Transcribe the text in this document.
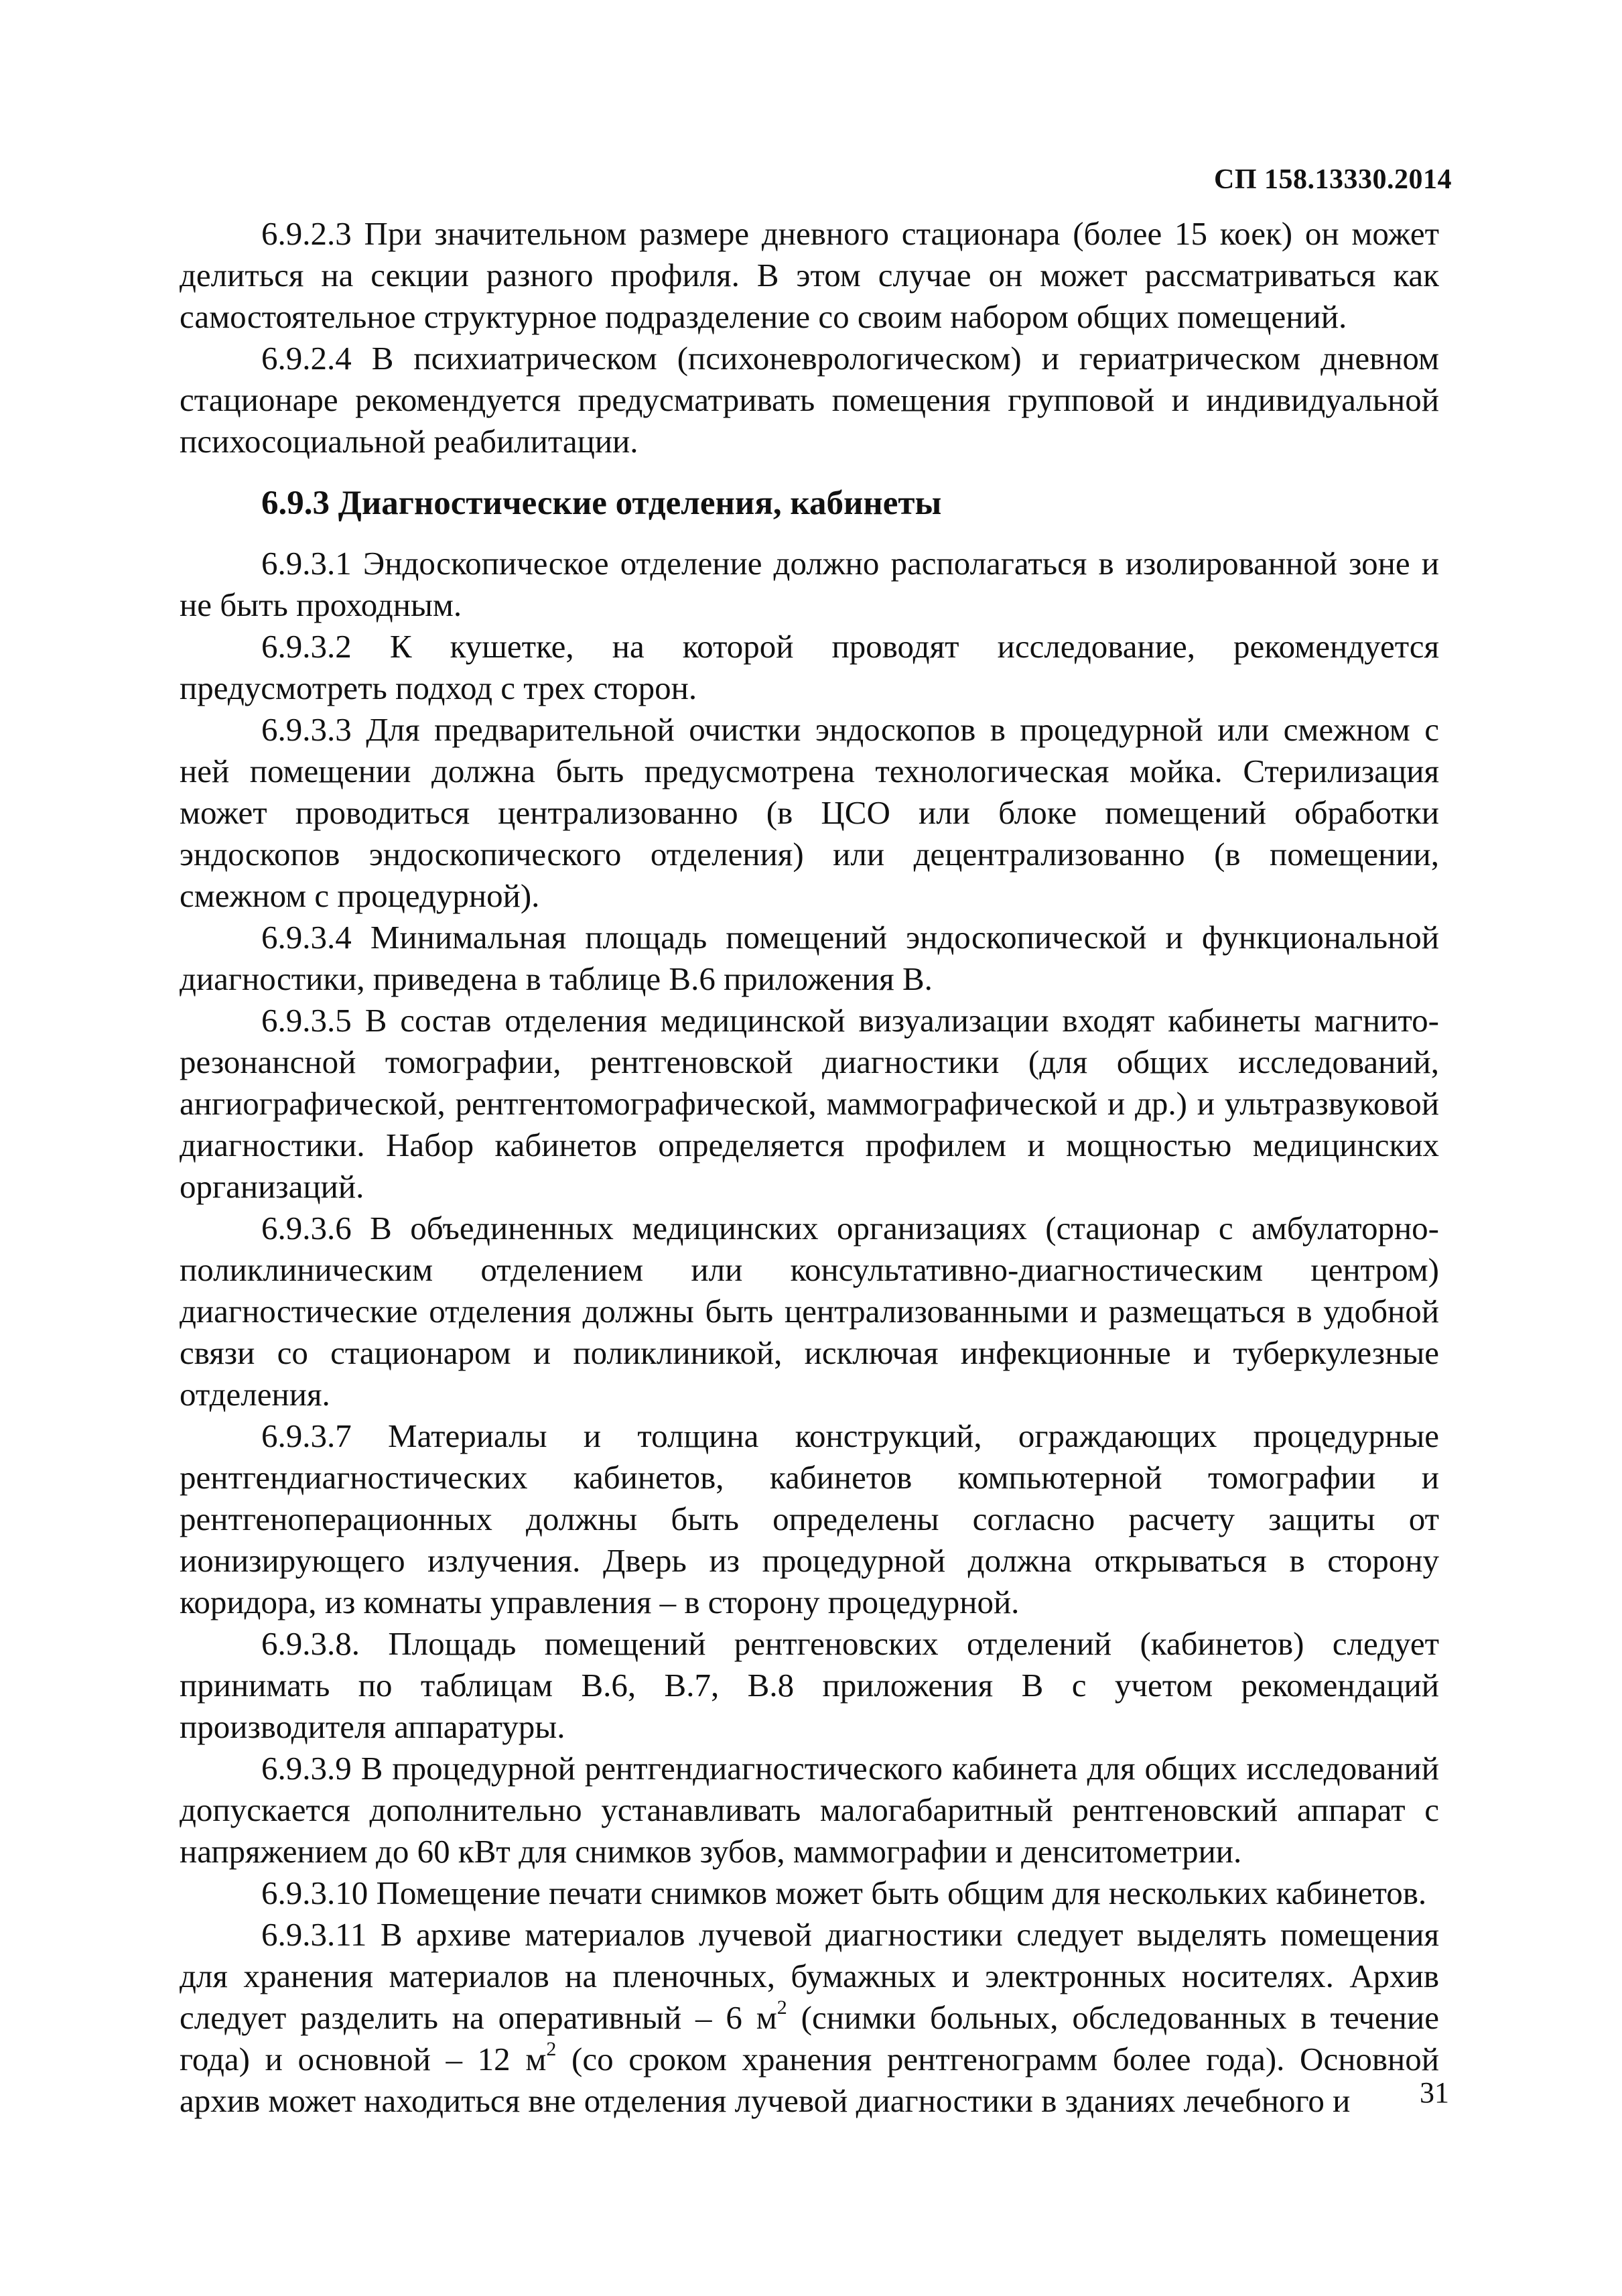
СП 158.13330.2014

6.9.2.3 При значительном размере дневного стационара (более 15 коек) он может делиться на секции разного профиля. В этом случае он может рассматриваться как самостоятельное структурное подразделение со своим набором общих помещений.

6.9.2.4 В психиатрическом (психоневрологическом) и гериатрическом дневном стационаре рекомендуется предусматривать помещения групповой и индивидуальной психосоциальной реабилитации.

6.9.3 Диагностические отделения, кабинеты

6.9.3.1 Эндоскопическое отделение должно располагаться в изолированной зоне и не быть проходным.

6.9.3.2 К кушетке, на которой проводят исследование, рекомендуется предусмотреть подход с трех сторон.

6.9.3.3 Для предварительной очистки эндоскопов в процедурной или смежном с ней помещении должна быть предусмотрена технологическая мойка. Стерилизация может проводиться централизованно (в ЦСО или блоке помещений обработки эндоскопов эндоскопического отделения) или децентрализованно (в помещении, смежном с процедурной).

6.9.3.4 Минимальная площадь помещений эндоскопической и функциональной диагностики, приведена в таблице В.6 приложения В.

6.9.3.5 В состав отделения медицинской визуализации входят кабинеты магнито-резонансной томографии, рентгеновской диагностики (для общих исследований, ангиографической, рентгентомографической, маммографической и др.) и ультразвуковой диагностики. Набор кабинетов определяется профилем и мощностью медицинских организаций.

6.9.3.6 В объединенных медицинских организациях (стационар с амбулаторно-поликлиническим отделением или консультативно-диагностическим центром) диагностические отделения должны быть централизованными и размещаться в удобной связи со стационаром и поликлиникой, исключая инфекционные и туберкулезные отделения.

6.9.3.7 Материалы и толщина конструкций, ограждающих процедурные рентгендиагностических кабинетов, кабинетов компьютерной томографии и рентгеноперационных должны быть определены согласно расчету защиты от ионизирующего излучения. Дверь из процедурной должна открываться в сторону коридора, из комнаты управления – в сторону процедурной.

6.9.3.8. Площадь помещений рентгеновских отделений (кабинетов) следует принимать по таблицам В.6, В.7, В.8 приложения В с учетом рекомендаций производителя аппаратуры.

6.9.3.9 В процедурной рентгендиагностического кабинета для общих исследований допускается дополнительно устанавливать малогабаритный рентгеновский аппарат с напряжением до 60 кВт для снимков зубов, маммографии и денситометрии.

6.9.3.10 Помещение печати снимков может быть общим для нескольких кабинетов.

6.9.3.11 В архиве материалов лучевой диагностики следует выделять помещения для хранения материалов на пленочных, бумажных и электронных носителях. Архив следует разделить на оперативный – 6 $м^2$ (снимки больных, обследованных в течение года) и основной – 12 $м^2$ (со сроком хранения рентгенограмм более года). Основной архив может находиться вне отделения лучевой диагностики в зданиях лечебного и	31
